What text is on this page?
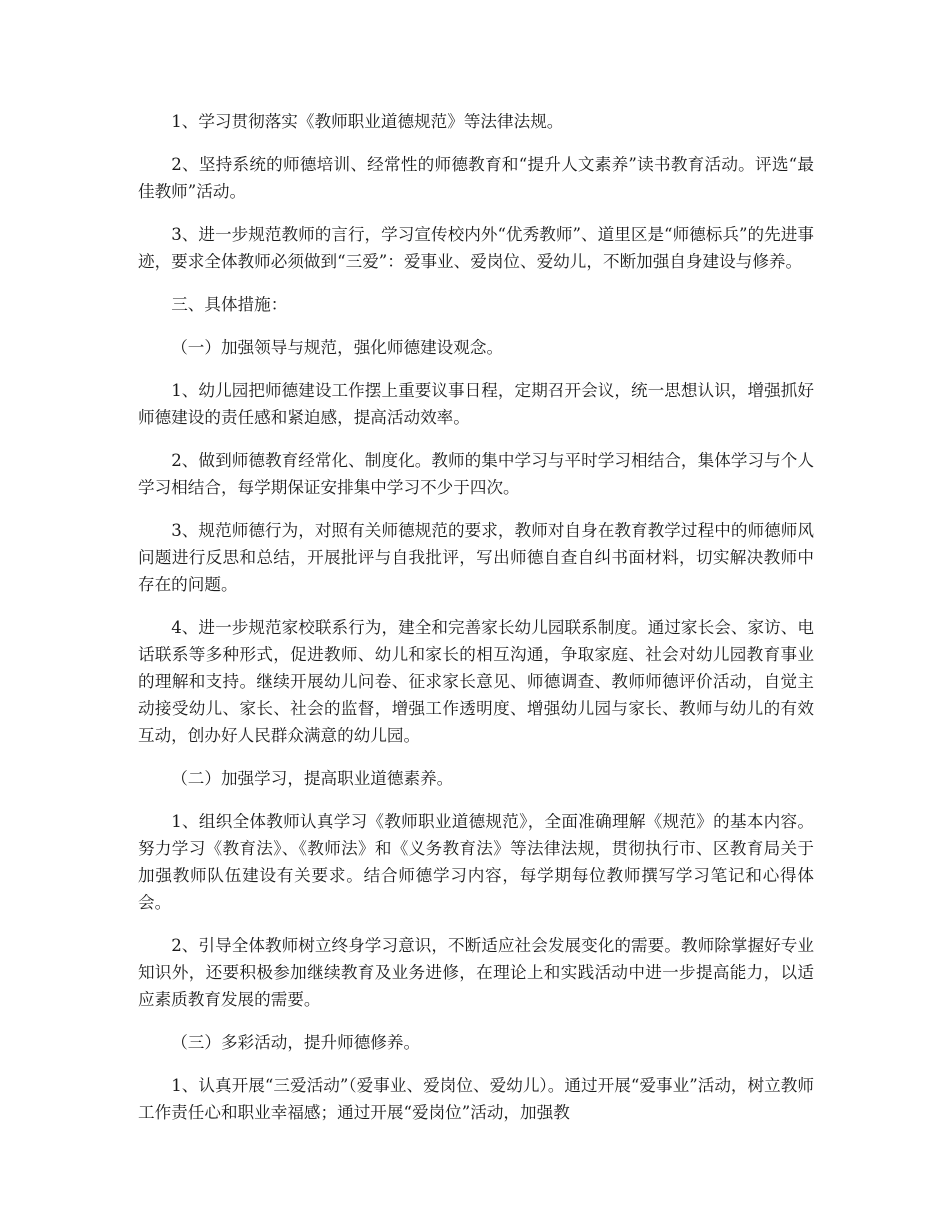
1、学习贯彻落实《教师职业道德规范》等法律法规。

2、坚持系统的师德培训、经常性的师德教育和“提升人文素养”读书教育活动。评选“最佳教师”活动。

3、进一步规范教师的言行，学习宣传校内外“优秀教师”、道里区是“师德标兵”的先进事迹，要求全体教师必须做到“三爱”：爱事业、爱岗位、爱幼儿，不断加强自身建设与修养。

三、具体措施：

（一）加强领导与规范，强化师德建设观念。

1、幼儿园把师德建设工作摆上重要议事日程，定期召开会议，统一思想认识，增强抓好师德建设的责任感和紧迫感，提高活动效率。

2、做到师德教育经常化、制度化。教师的集中学习与平时学习相结合，集体学习与个人学习相结合，每学期保证安排集中学习不少于四次。

3、规范师德行为，对照有关师德规范的要求，教师对自身在教育教学过程中的师德师风问题进行反思和总结，开展批评与自我批评，写出师德自查自纠书面材料，切实解决教师中存在的问题。

4、进一步规范家校联系行为，建全和完善家长幼儿园联系制度。通过家长会、家访、电话联系等多种形式，促进教师、幼儿和家长的相互沟通，争取家庭、社会对幼儿园教育事业的理解和支持。继续开展幼儿问卷、征求家长意见、师德调查、教师师德评价活动，自觉主动接受幼儿、家长、社会的监督，增强工作透明度、增强幼儿园与家长、教师与幼儿的有效互动，创办好人民群众满意的幼儿园。

（二）加强学习，提高职业道德素养。

1、组织全体教师认真学习《教师职业道德规范》，全面准确理解《规范》的基本内容。努力学习《教育法》、《教师法》和《义务教育法》等法律法规，贯彻执行市、区教育局关于加强教师队伍建设有关要求。结合师德学习内容，每学期每位教师撰写学习笔记和心得体会。

2、引导全体教师树立终身学习意识，不断适应社会发展变化的需要。教师除掌握好专业知识外，还要积极参加继续教育及业务进修，在理论上和实践活动中进一步提高能力，以适应素质教育发展的需要。

（三）多彩活动，提升师德修养。

1、认真开展“三爱活动”（爱事业、爱岗位、爱幼儿）。通过开展“爱事业”活动，树立教师工作责任心和职业幸福感；通过开展“爱岗位”活动，加强教
